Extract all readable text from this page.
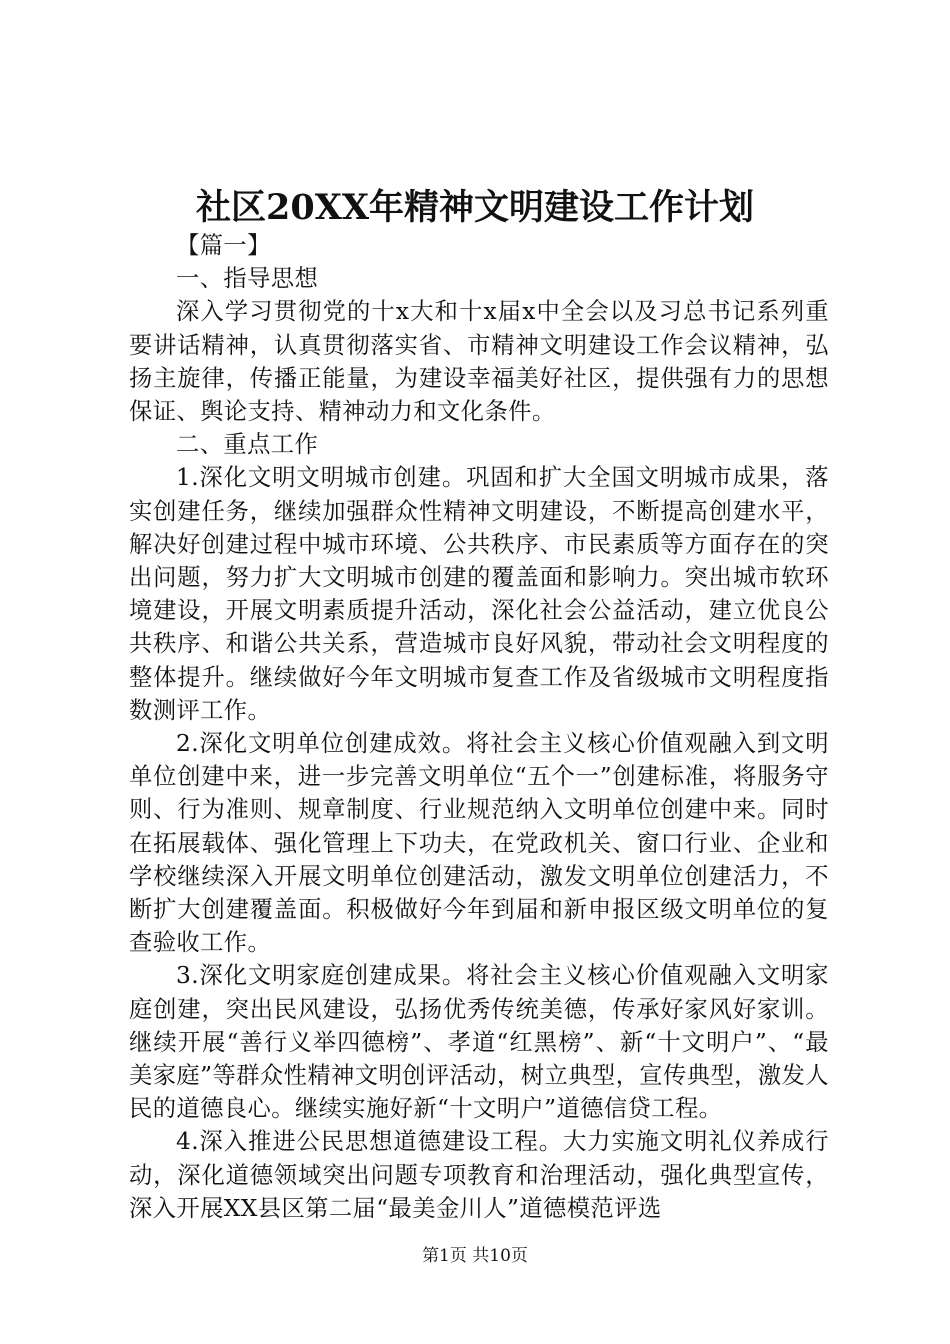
社区20XX年精神文明建设工作计划

【篇一】

一、指导思想

深入学习贯彻党的十x大和十x届x中全会以及习总书记系列重要讲话精神，认真贯彻落实省、市精神文明建设工作会议精神，弘扬主旋律，传播正能量，为建设幸福美好社区，提供强有力的思想保证、舆论支持、精神动力和文化条件。

二、重点工作

1.深化文明文明城市创建。巩固和扩大全国文明城市成果，落实创建任务，继续加强群众性精神文明建设，不断提高创建水平，解决好创建过程中城市环境、公共秩序、市民素质等方面存在的突出问题，努力扩大文明城市创建的覆盖面和影响力。突出城市软环境建设，开展文明素质提升活动，深化社会公益活动，建立优良公共秩序、和谐公共关系，营造城市良好风貌，带动社会文明程度的整体提升。继续做好今年文明城市复查工作及省级城市文明程度指数测评工作。

2.深化文明单位创建成效。将社会主义核心价值观融入到文明单位创建中来，进一步完善文明单位“五个一”创建标准，将服务守则、行为准则、规章制度、行业规范纳入文明单位创建中来。同时在拓展载体、强化管理上下功夫，在党政机关、窗口行业、企业和学校继续深入开展文明单位创建活动，激发文明单位创建活力，不断扩大创建覆盖面。积极做好今年到届和新申报区级文明单位的复查验收工作。

3.深化文明家庭创建成果。将社会主义核心价值观融入文明家庭创建，突出民风建设，弘扬优秀传统美德，传承好家风好家训。继续开展“善行义举四德榜”、孝道“红黑榜”、新“十文明户”、“最美家庭”等群众性精神文明创评活动，树立典型，宣传典型，激发人民的道德良心。继续实施好新“十文明户”道德信贷工程。

4.深入推进公民思想道德建设工程。大力实施文明礼仪养成行动，深化道德领域突出问题专项教育和治理活动，强化典型宣传，深入开展XX县区第二届“最美金川人”道德模范评选

第1页 共10页
